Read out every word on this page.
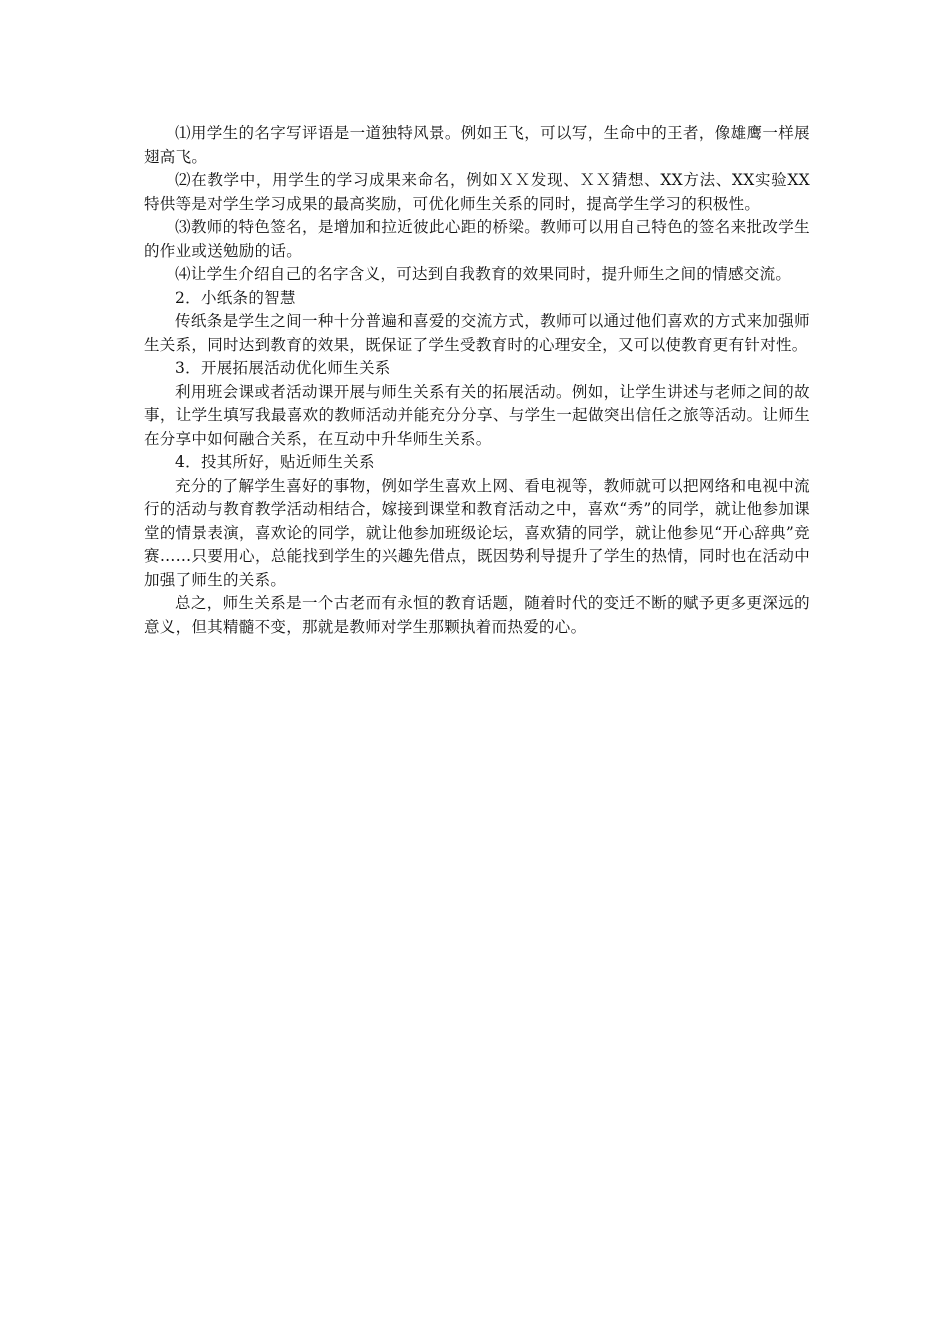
⑴用学生的名字写评语是一道独特风景。例如王飞，可以写，生命中的王者，像雄鹰一样展翅高飞。

⑵在教学中，用学生的学习成果来命名，例如ＸＸ发现、ＸＸ猜想、XX方法、XX实验XX特供等是对学生学习成果的最高奖励，可优化师生关系的同时，提高学生学习的积极性。

⑶教师的特色签名，是增加和拉近彼此心距的桥梁。教师可以用自己特色的签名来批改学生的作业或送勉励的话。

⑷让学生介绍自己的名字含义，可达到自我教育的效果同时，提升师生之间的情感交流。

2．小纸条的智慧

传纸条是学生之间一种十分普遍和喜爱的交流方式，教师可以通过他们喜欢的方式来加强师生关系，同时达到教育的效果，既保证了学生受教育时的心理安全，又可以使教育更有针对性。

3．开展拓展活动优化师生关系

利用班会课或者活动课开展与师生关系有关的拓展活动。例如，让学生讲述与老师之间的故事，让学生填写我最喜欢的教师活动并能充分分享、与学生一起做突出信任之旅等活动。让师生在分享中如何融合关系，在互动中升华师生关系。

4．投其所好，贴近师生关系

充分的了解学生喜好的事物，例如学生喜欢上网、看电视等，教师就可以把网络和电视中流行的活动与教育教学活动相结合，嫁接到课堂和教育活动之中，喜欢“秀”的同学，就让他参加课堂的情景表演，喜欢论的同学，就让他参加班级论坛，喜欢猜的同学，就让他参见“开心辞典”竞赛……只要用心，总能找到学生的兴趣先借点，既因势利导提升了学生的热情，同时也在活动中加强了师生的关系。

总之，师生关系是一个古老而有永恒的教育话题，随着时代的变迁不断的赋予更多更深远的意义，但其精髓不变，那就是教师对学生那颗执着而热爱的心。
